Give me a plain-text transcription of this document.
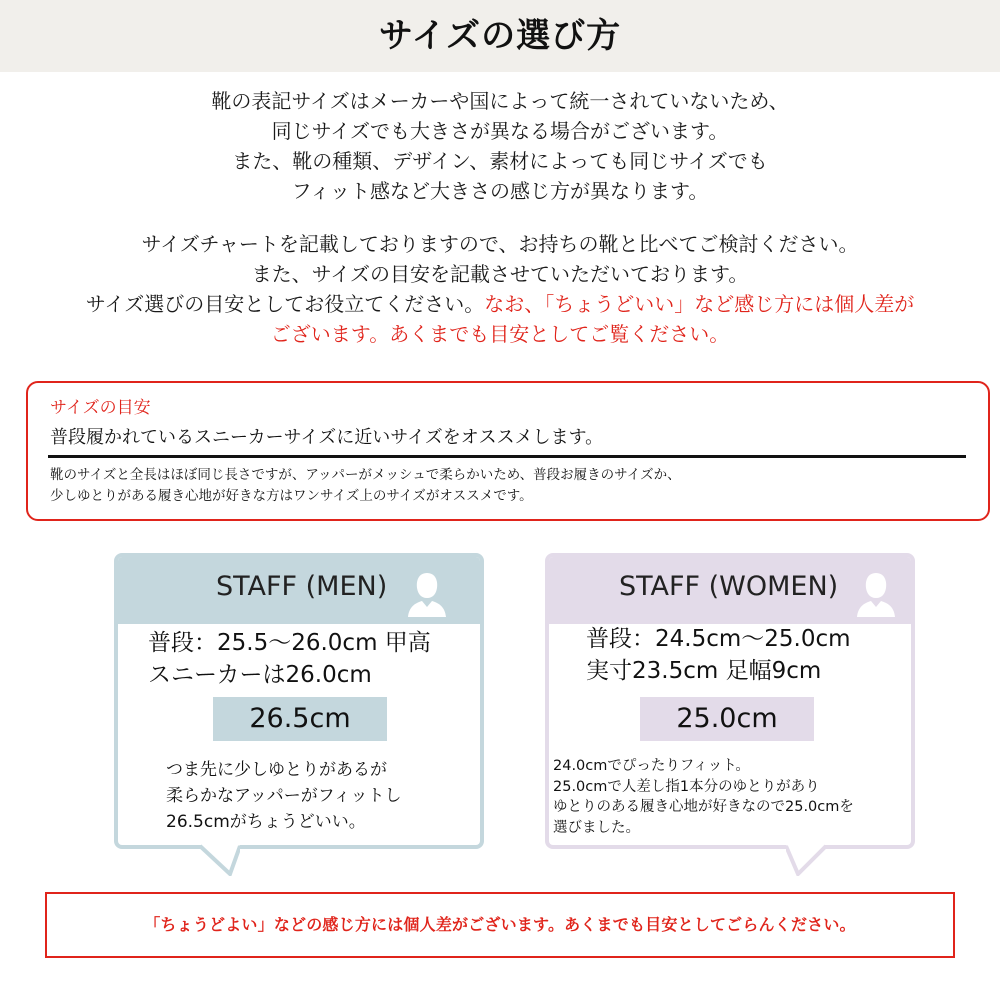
サイズの選び方
靴の表記サイズはメーカーや国によって統一されていないため、
同じサイズでも大きさが異なる場合がございます。
また、靴の種類、デザイン、素材によっても同じサイズでも
フィット感など大きさの感じ方が異なります。
サイズチャートを記載しておりますので、お持ちの靴と比べてご検討ください。
また、サイズの目安を記載させていただいております。
サイズ選びの目安としてお役立てください。なお、「ちょうどいい」など感じ方には個人差が
ございます。あくまでも目安としてご覧ください。
サイズの目安
普段履かれているスニーカーサイズに近いサイズをオススメします。
靴のサイズと全長はほぼ同じ長さですが、アッパーがメッシュで柔らかいため、普段お履きのサイズか、
少しゆとりがある履き心地が好きな方はワンサイズ上のサイズがオススメです。
STAFF (MEN)
普段：25.5～26.0cm 甲高
スニーカーは26.0cm
26.5cm
つま先に少しゆとりがあるが
柔らかなアッパーがフィットし
26.5cmがちょうどいい。
STAFF (WOMEN)
普段：24.5cm～25.0cm
実寸23.5cm 足幅9cm
25.0cm
24.0cmでぴったりフィット。
25.0cmで人差し指1本分のゆとりがあり
ゆとりのある履き心地が好きなので25.0cmを
選びました。
「ちょうどよい」などの感じ方には個人差がございます。あくまでも目安としてごらんください。
